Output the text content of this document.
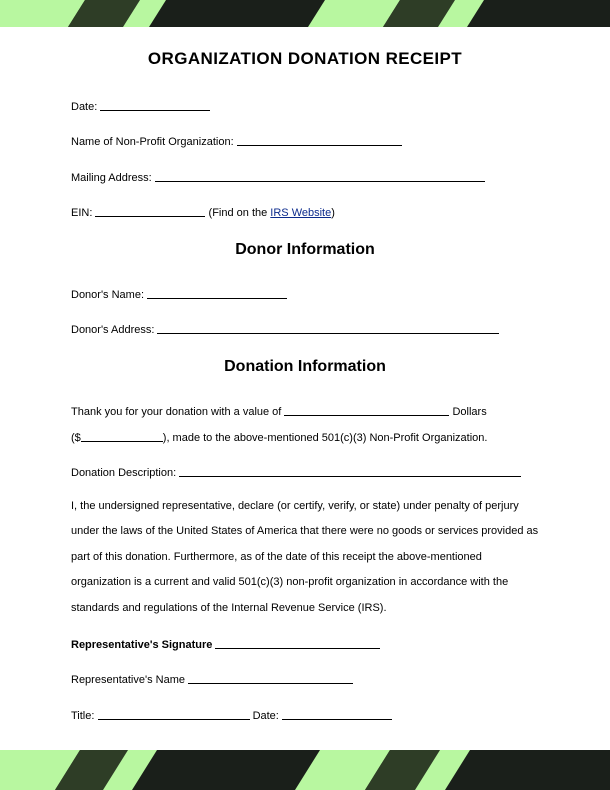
ORGANIZATION DONATION RECEIPT
Date:
Name of Non-Profit Organization:
Mailing Address:
EIN:	(Find on the IRS Website)
Donor Information
Donor's Name:
Donor's Address:
Donation Information
Thank you for your donation with a value of	Dollars
($	), made to the above-mentioned 501(c)(3) Non-Profit Organization.
Donation Description:
I, the undersigned representative, declare (or certify, verify, or state) under penalty of perjury
under the laws of the United States of America that there were no goods or services provided as
part of this donation. Furthermore, as of the date of this receipt the above-mentioned
organization is a current and valid 501(c)(3) non-profit organization in accordance with the
standards and regulations of the Internal Revenue Service (IRS).
Representative's Signature
Representative's Name
Title:	Date:
